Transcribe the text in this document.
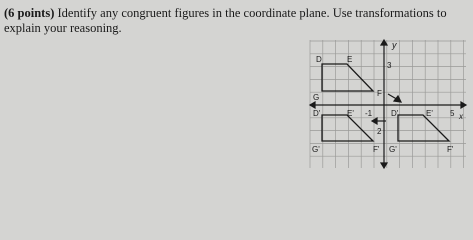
(6 points) Identify any congruent figures in the coordinate plane. Use transformations to explain your reasoning.
y
x
3
-1
2
5
D	E
F
G
D'	E'
F'
G'
D'	E'
F'
G'
